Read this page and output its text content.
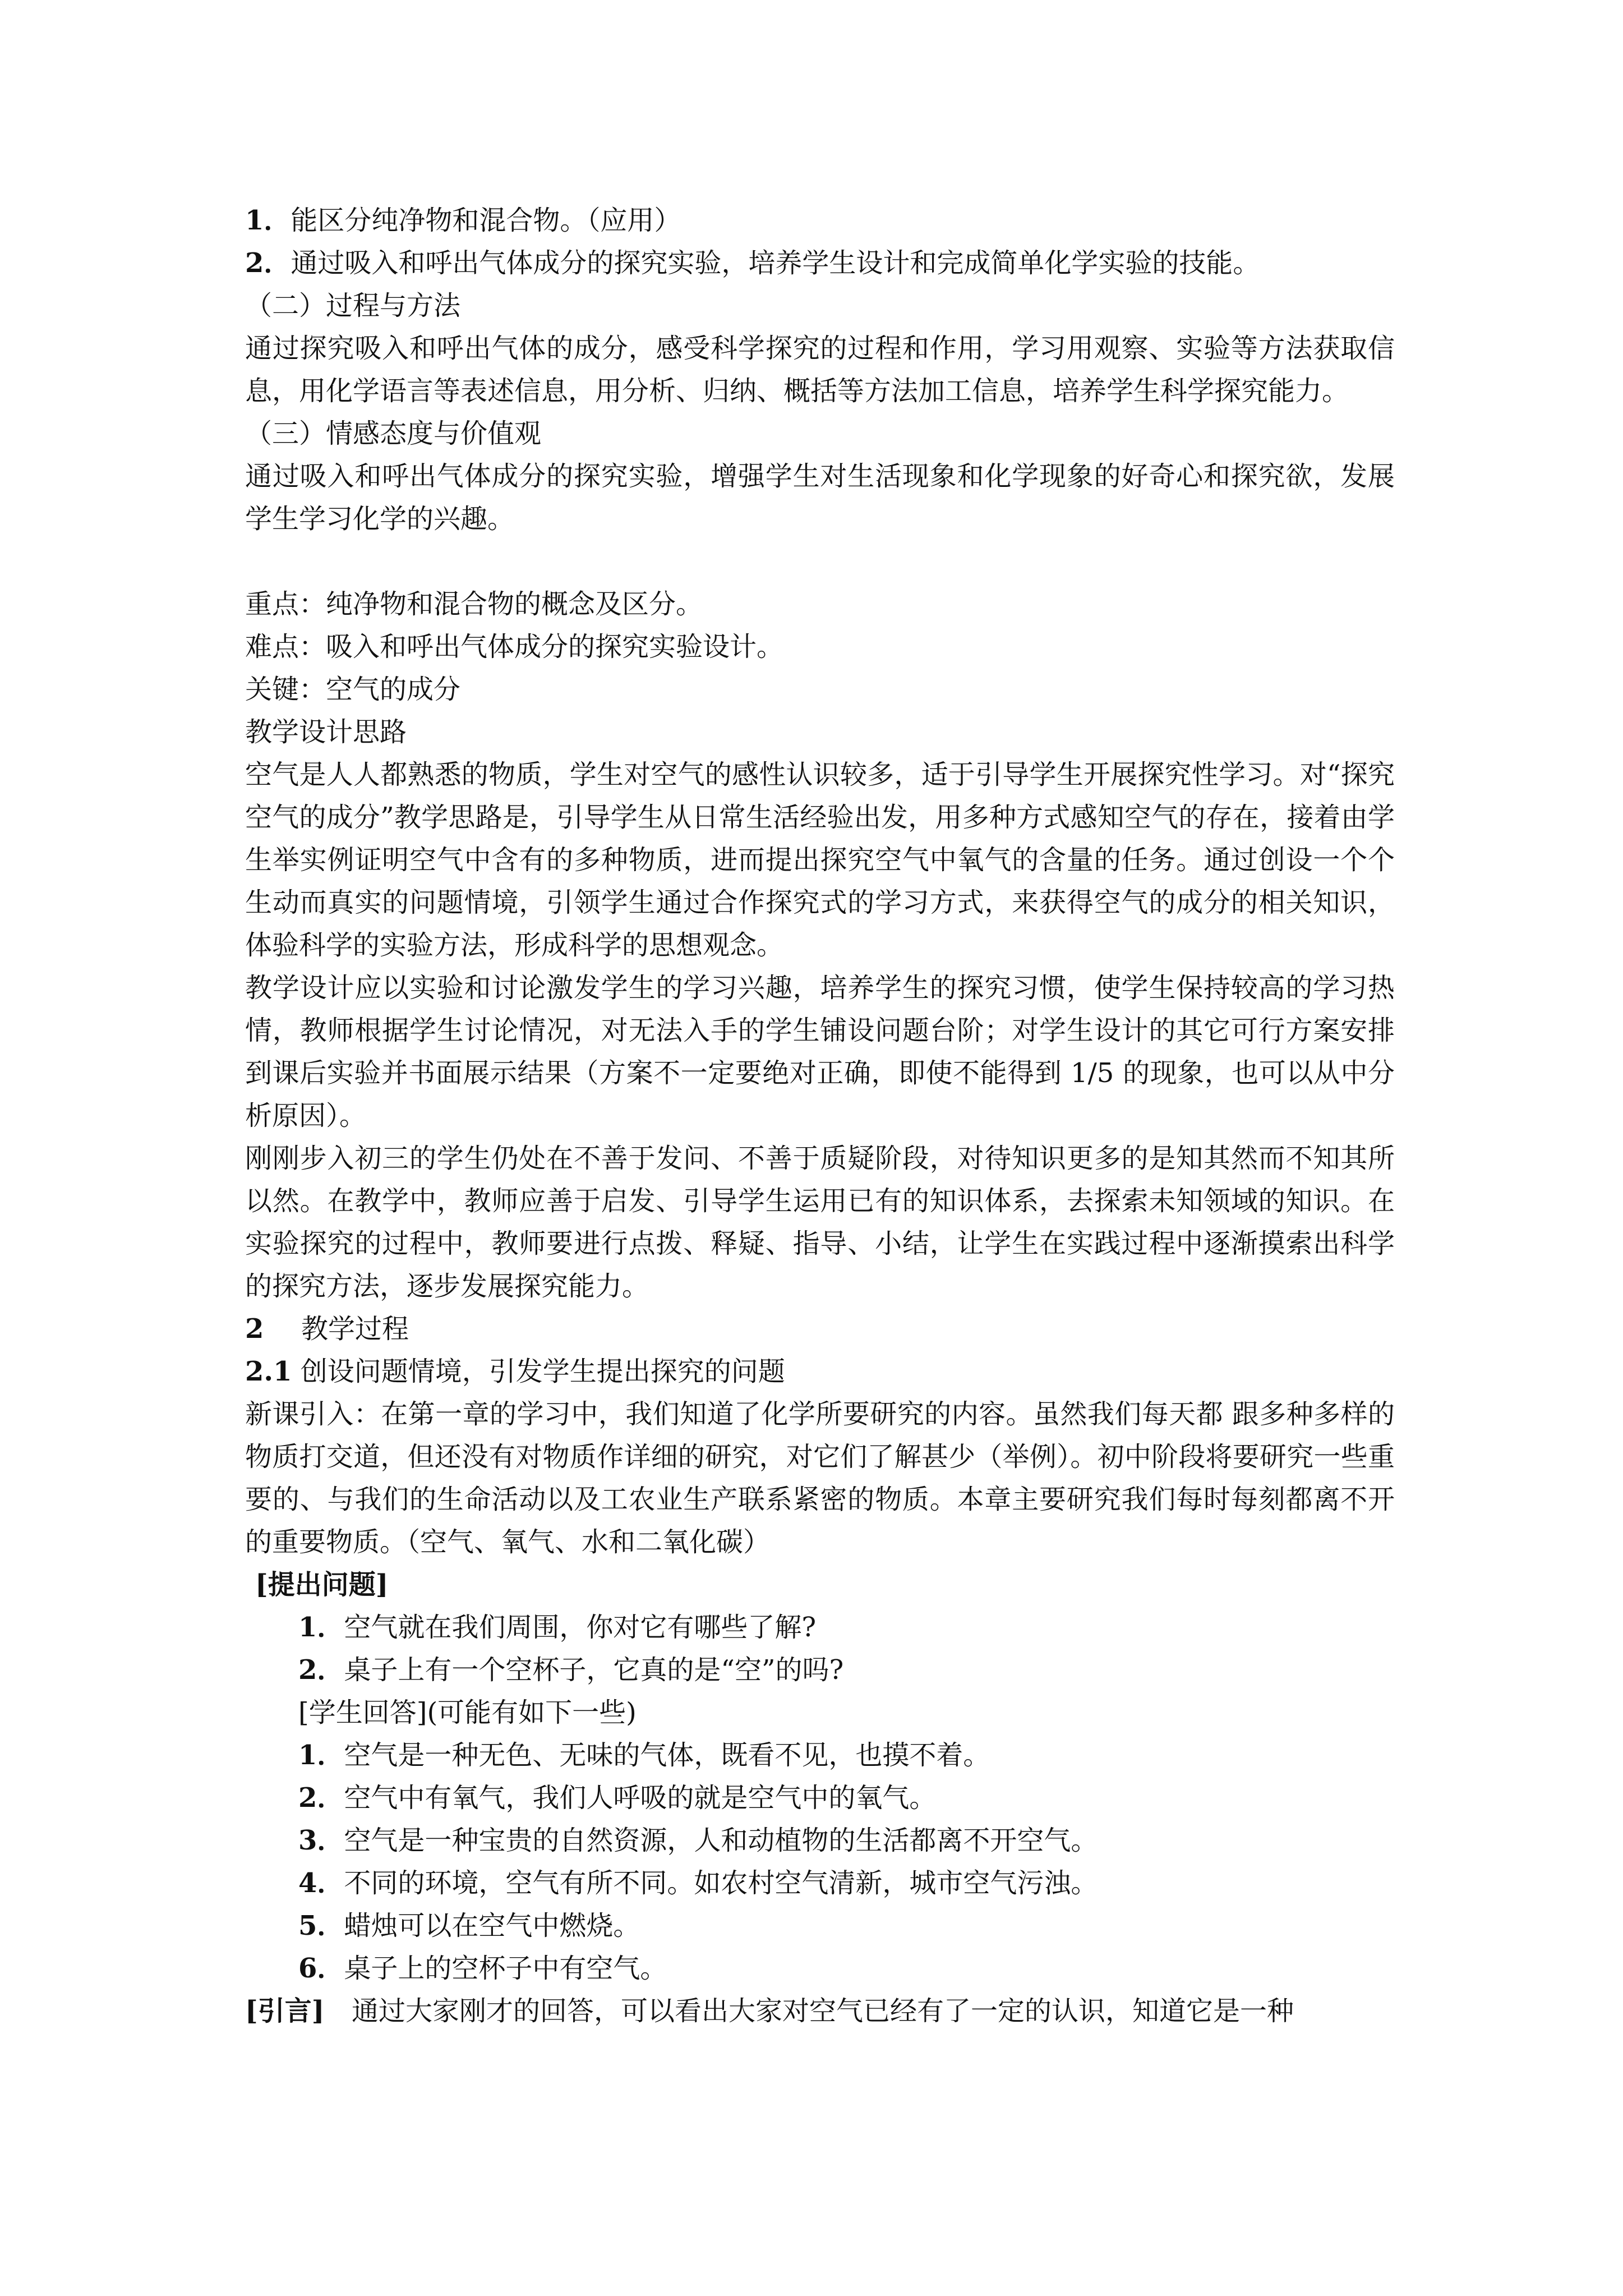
1．能区分纯净物和混合物。（应用）
2．通过吸入和呼出气体成分的探究实验，培养学生设计和完成简单化学实验的技能。
（二）过程与方法
通过探究吸入和呼出气体的成分，感受科学探究的过程和作用，学习用观察、实验等方法获取信息，用化学语言等表述信息，用分析、归纳、概括等方法加工信息，培养学生科学探究能力。
（三）情感态度与价值观
通过吸入和呼出气体成分的探究实验，增强学生对生活现象和化学现象的好奇心和探究欲，发展学生学习化学的兴趣。
重点：纯净物和混合物的概念及区分。
难点：吸入和呼出气体成分的探究实验设计。
关键：空气的成分
教学设计思路
空气是人人都熟悉的物质，学生对空气的感性认识较多，适于引导学生开展探究性学习。对“探究空气的成分”教学思路是，引导学生从日常生活经验出发，用多种方式感知空气的存在，接着由学生举实例证明空气中含有的多种物质，进而提出探究空气中氧气的含量的任务。通过创设一个个生动而真实的问题情境，引领学生通过合作探究式的学习方式，来获得空气的成分的相关知识，体验科学的实验方法，形成科学的思想观念。
教学设计应以实验和讨论激发学生的学习兴趣，培养学生的探究习惯，使学生保持较高的学习热情，教师根据学生讨论情况，对无法入手的学生铺设问题台阶；对学生设计的其它可行方案安排到课后实验并书面展示结果（方案不一定要绝对正确，即使不能得到 1/5 的现象，也可以从中分析原因）。
刚刚步入初三的学生仍处在不善于发问、不善于质疑阶段，对待知识更多的是知其然而不知其所以然。在教学中，教师应善于启发、引导学生运用已有的知识体系，去探索未知领域的知识。在实验探究的过程中，教师要进行点拨、释疑、指导、小结，让学生在实践过程中逐渐摸索出科学的探究方法，逐步发展探究能力。
2 教学过程
2.1 创设问题情境，引发学生提出探究的问题
新课引入：在第一章的学习中，我们知道了化学所要研究的内容。虽然我们每天都 跟多种多样的物质打交道，但还没有对物质作详细的研究，对它们了解甚少（举例）。初中阶段将要研究一些重要的、与我们的生命活动以及工农业生产联系紧密的物质。本章主要研究我们每时每刻都离不开的重要物质。（空气、氧气、水和二氧化碳）
[提出问题]
1．空气就在我们周围，你对它有哪些了解?
2．桌子上有一个空杯子，它真的是“空”的吗?
[学生回答](可能有如下一些)
1．空气是一种无色、无味的气体，既看不见，也摸不着。
2．空气中有氧气，我们人呼吸的就是空气中的氧气。
3．空气是一种宝贵的自然资源，人和动植物的生活都离不开空气。
4．不同的环境，空气有所不同。如农村空气清新，城市空气污浊。
5．蜡烛可以在空气中燃烧。
6．桌子上的空杯子中有空气。
[引言] 通过大家刚才的回答，可以看出大家对空气已经有了一定的认识，知道它是一种
